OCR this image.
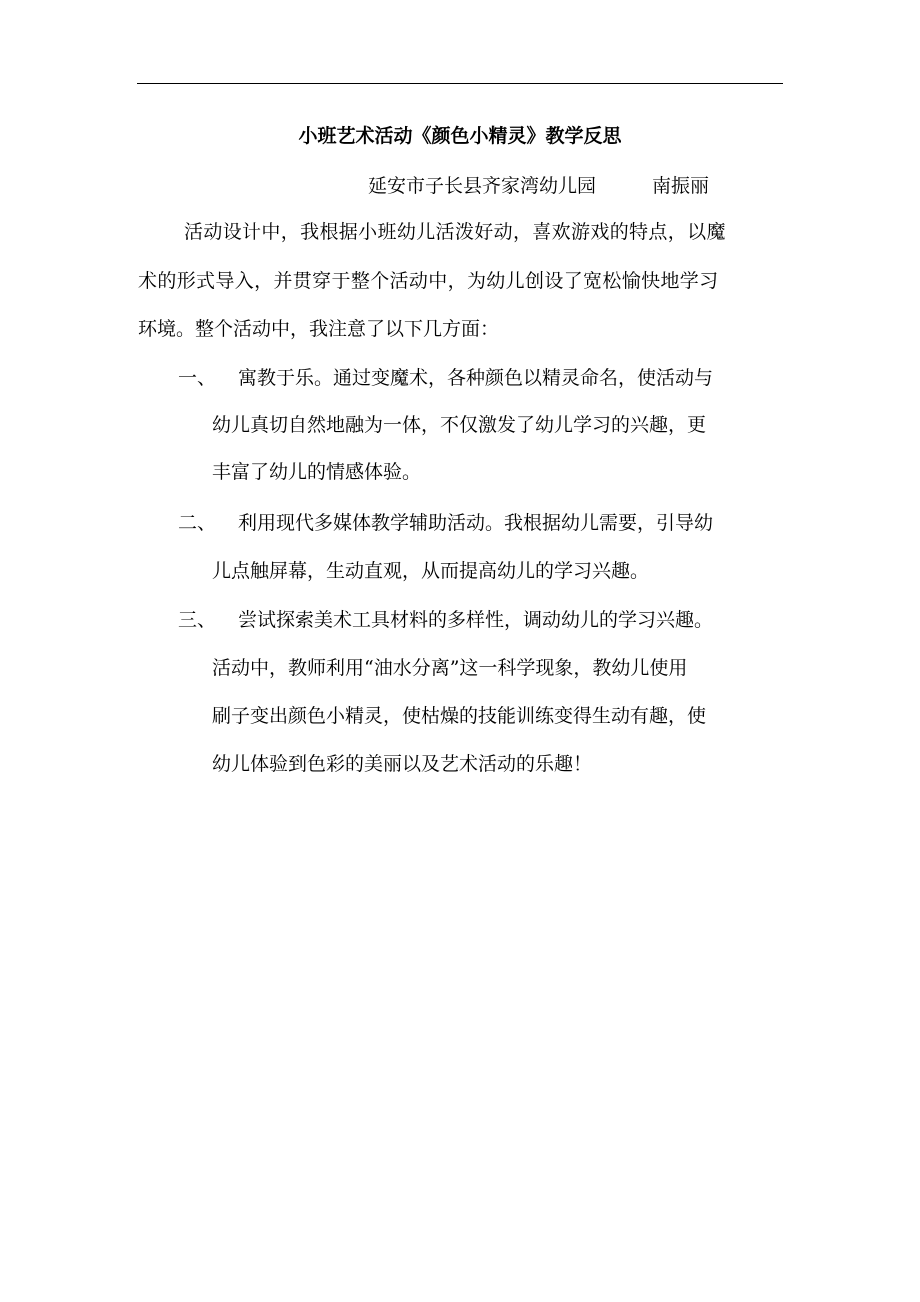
小班艺术活动《颜色小精灵》教学反思
延安市子长县齐家湾幼儿园	南振丽
活动设计中，我根据小班幼儿活泼好动，喜欢游戏的特点，以魔
术的形式导入，并贯穿于整个活动中，为幼儿创设了宽松愉快地学习
环境。整个活动中，我注意了以下几方面：
一、 寓教于乐。通过变魔术，各种颜色以精灵命名，使活动与
幼儿真切自然地融为一体，不仅激发了幼儿学习的兴趣，更
丰富了幼儿的情感体验。
二、 利用现代多媒体教学辅助活动。我根据幼儿需要，引导幼
儿点触屏幕，生动直观，从而提高幼儿的学习兴趣。
三、 尝试探索美术工具材料的多样性，调动幼儿的学习兴趣。
活动中，教师利用“油水分离”这一科学现象，教幼儿使用
刷子变出颜色小精灵，使枯燥的技能训练变得生动有趣，使
幼儿体验到色彩的美丽以及艺术活动的乐趣！
